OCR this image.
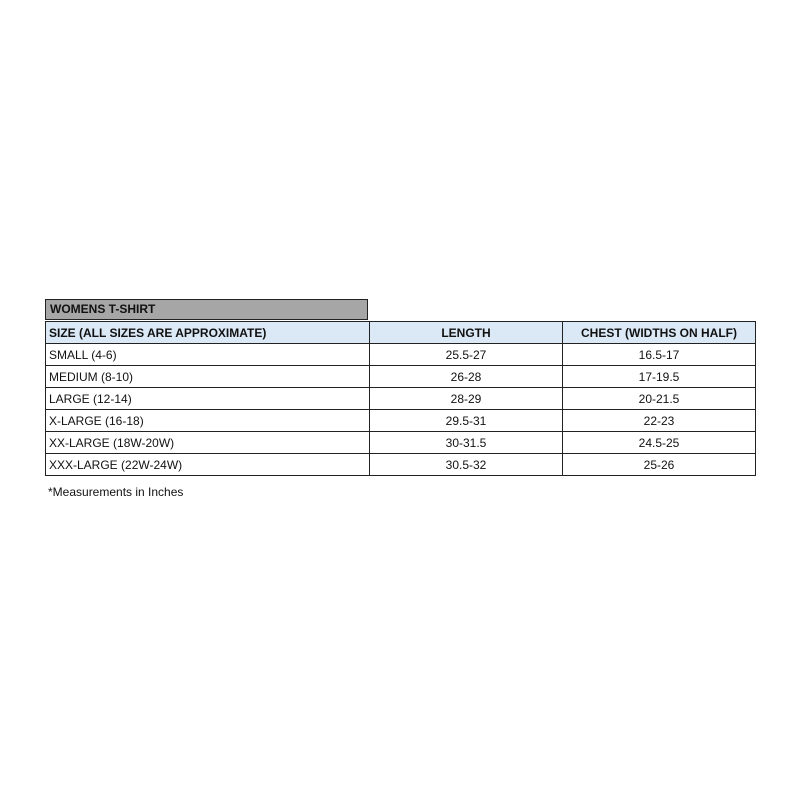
WOMENS T-SHIRT
SIZE (ALL SIZES ARE APPROXIMATE)	LENGTH	CHEST (WIDTHS ON HALF)
SMALL (4-6)	25.5-27	16.5-17
MEDIUM (8-10)	26-28	17-19.5
LARGE (12-14)	28-29	20-21.5
X-LARGE (16-18)	29.5-31	22-23
XX-LARGE (18W-20W)	30-31.5	24.5-25
XXX-LARGE (22W-24W)	30.5-32	25-26
*Measurements in Inches
